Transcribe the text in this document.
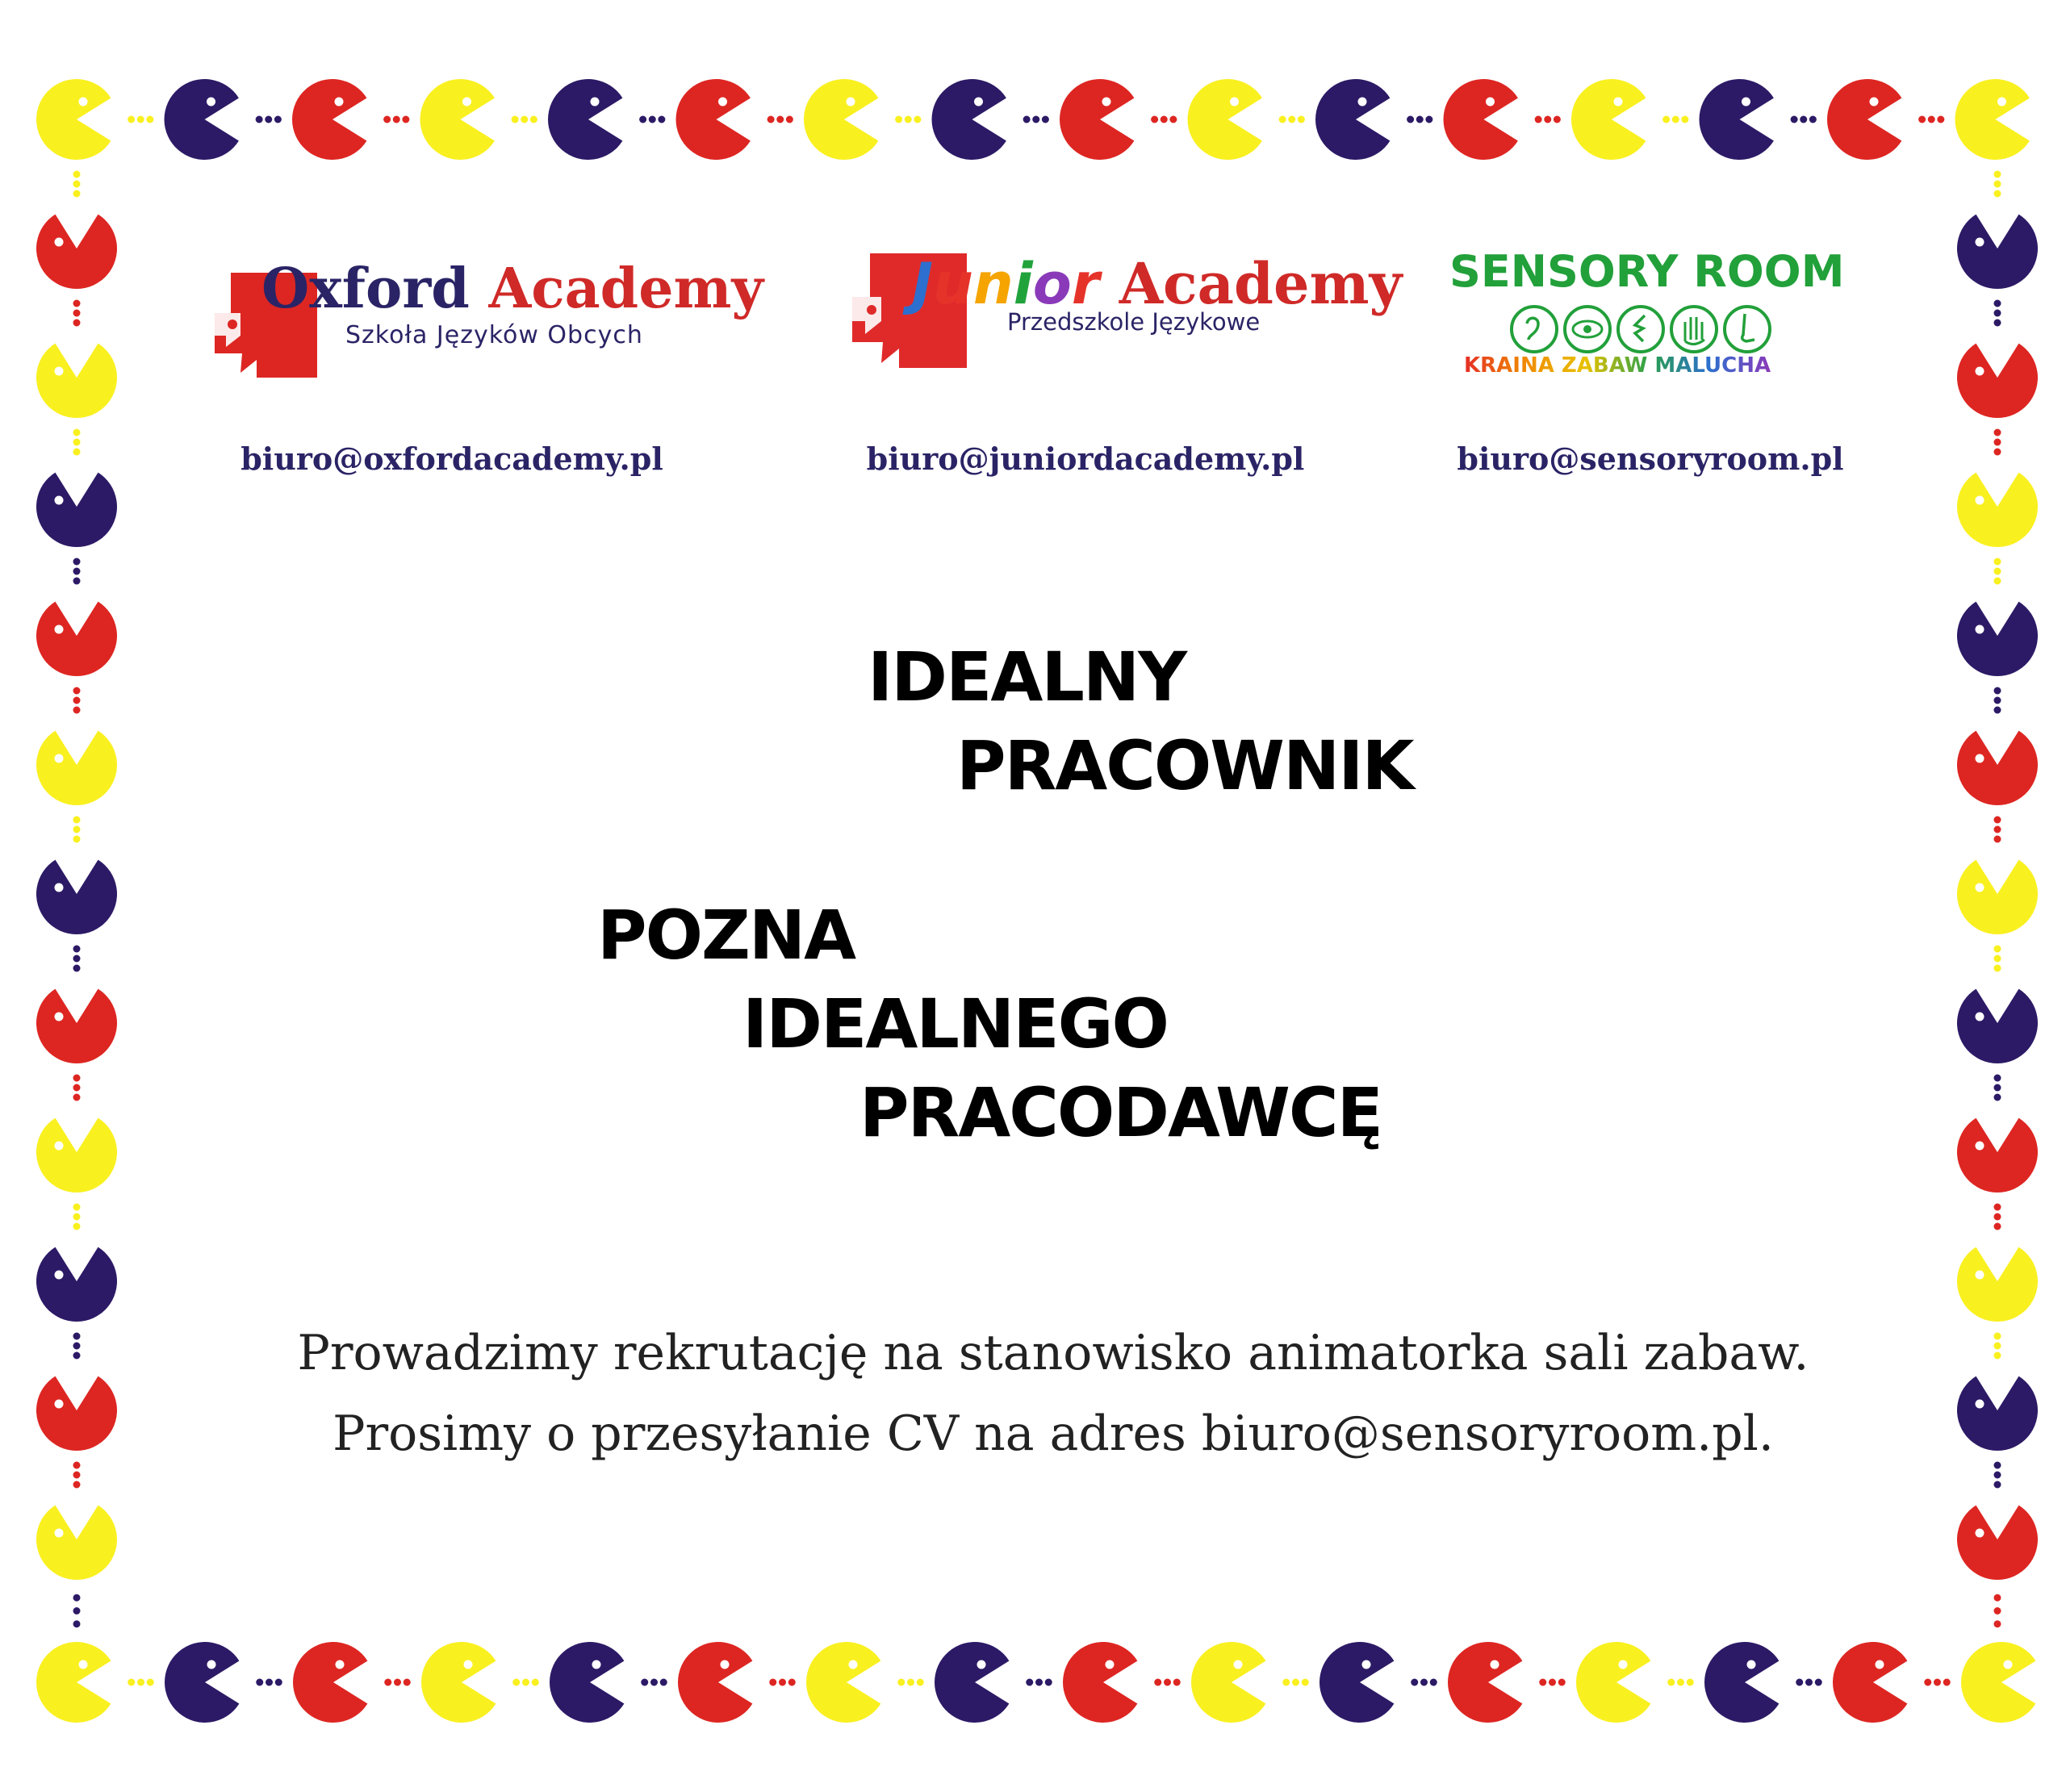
Oxford Academy
Szkoła Języków Obcych
Junior Academy
Przedszkole Językowe
SENSORY ROOM
KRAINA ZABAW MALUCHA
biuro@oxfordacademy.pl	biuro@juniordacademy.pl	biuro@sensoryroom.pl
IDEALNY
PRACOWNIK
POZNA
IDEALNEGO
PRACODAWCĘ
Prowadzimy rekrutację na stanowisko animatorka sali zabaw.
Prosimy o przesyłanie CV na adres biuro@sensoryroom.pl.
